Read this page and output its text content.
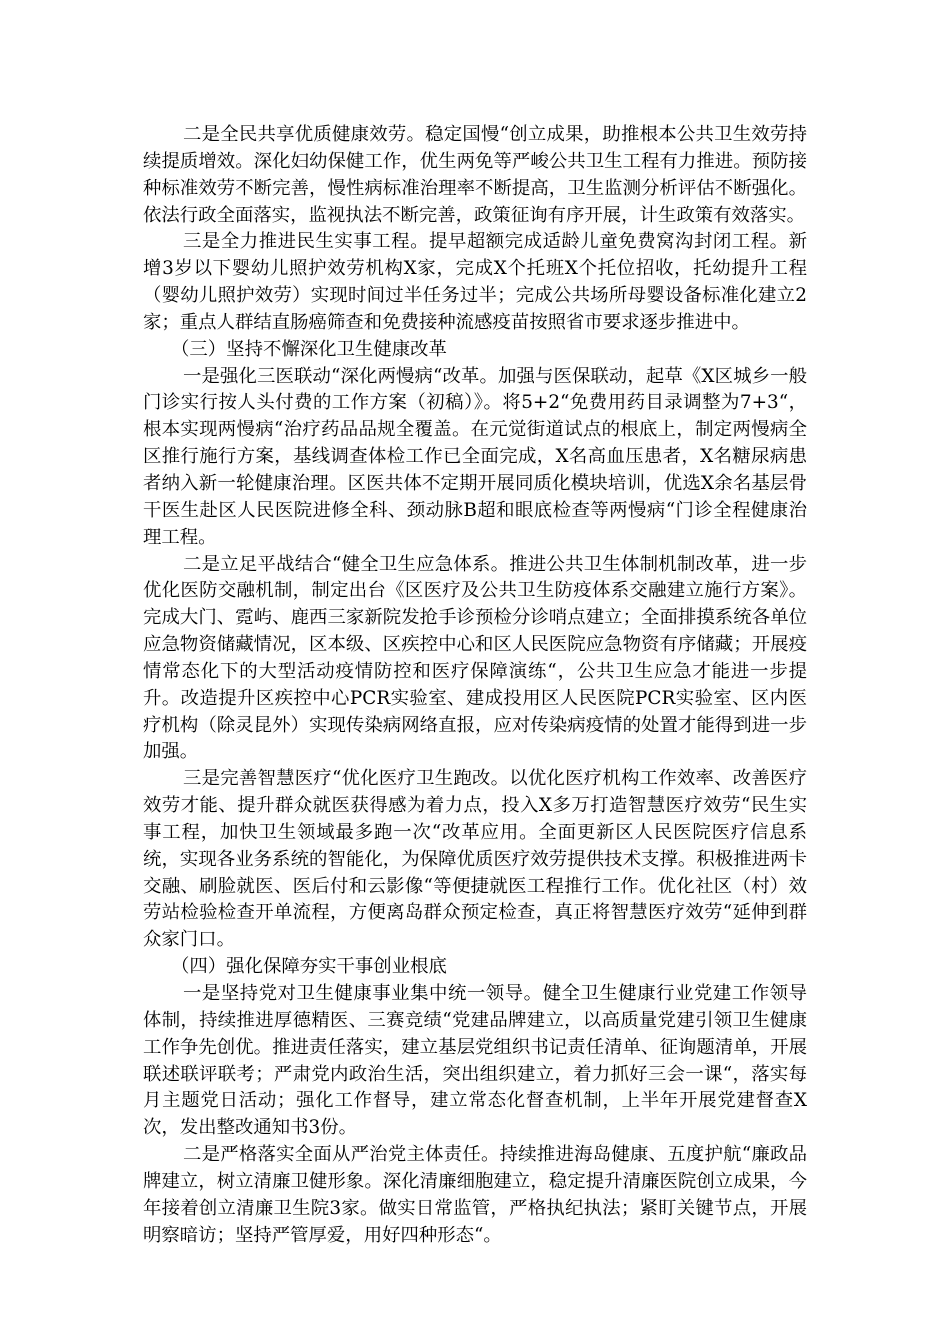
二是全民共享优质健康效劳。稳定国慢“创立成果，助推根本公共卫生效劳持续提质增效。深化妇幼保健工作，优生两免等严峻公共卫生工程有力推进。预防接种标准效劳不断完善，慢性病标准治理率不断提高，卫生监测分析评估不断强化。依法行政全面落实，监视执法不断完善，政策征询有序开展，计生政策有效落实。

三是全力推进民生实事工程。提早超额完成适龄儿童免费窝沟封闭工程。新增3岁以下婴幼儿照护效劳机构X家，完成X个托班X个托位招收，托幼提升工程（婴幼儿照护效劳）实现时间过半任务过半；完成公共场所母婴设备标准化建立2家；重点人群结直肠癌筛查和免费接种流感疫苗按照省市要求逐步推进中。

（三）坚持不懈深化卫生健康改革

一是强化三医联动“深化两慢病“改革。加强与医保联动，起草《X区城乡一般门诊实行按人头付费的工作方案（初稿）》。将5+2“免费用药目录调整为7+3“，根本实现两慢病“治疗药品品规全覆盖。在元觉街道试点的根底上，制定两慢病全区推行施行方案，基线调查体检工作已全面完成，X名高血压患者，X名糖尿病患者纳入新一轮健康治理。区医共体不定期开展同质化模块培训，优选X余名基层骨干医生赴区人民医院进修全科、颈动脉B超和眼底检查等两慢病“门诊全程健康治理工程。

二是立足平战结合“健全卫生应急体系。推进公共卫生体制机制改革，进一步优化医防交融机制，制定出台《区医疗及公共卫生防疫体系交融建立施行方案》。完成大门、霓屿、鹿西三家新院发抢手诊预检分诊哨点建立；全面排摸系统各单位应急物资储藏情况，区本级、区疾控中心和区人民医院应急物资有序储藏；开展疫情常态化下的大型活动疫情防控和医疗保障演练“，公共卫生应急才能进一步提升。改造提升区疾控中心PCR实验室、建成投用区人民医院PCR实验室、区内医疗机构（除灵昆外）实现传染病网络直报，应对传染病疫情的处置才能得到进一步加强。

三是完善智慧医疗“优化医疗卫生跑改。以优化医疗机构工作效率、改善医疗效劳才能、提升群众就医获得感为着力点，投入X多万打造智慧医疗效劳“民生实事工程，加快卫生领域最多跑一次“改革应用。全面更新区人民医院医疗信息系统，实现各业务系统的智能化，为保障优质医疗效劳提供技术支撑。积极推进两卡交融、刷脸就医、医后付和云影像“等便捷就医工程推行工作。优化社区（村）效劳站检验检查开单流程，方便离岛群众预定检查，真正将智慧医疗效劳“延伸到群众家门口。

（四）强化保障夯实干事创业根底

一是坚持党对卫生健康事业集中统一领导。健全卫生健康行业党建工作领导体制，持续推进厚德精医、三赛竞绩“党建品牌建立，以高质量党建引领卫生健康工作争先创优。推进责任落实，建立基层党组织书记责任清单、征询题清单，开展联述联评联考；严肃党内政治生活，突出组织建立，着力抓好三会一课“，落实每月主题党日活动；强化工作督导，建立常态化督查机制，上半年开展党建督查X次，发出整改通知书3份。

二是严格落实全面从严治党主体责任。持续推进海岛健康、五度护航“廉政品牌建立，树立清廉卫健形象。深化清廉细胞建立，稳定提升清廉医院创立成果，今年接着创立清廉卫生院3家。做实日常监管，严格执纪执法；紧盯关键节点，开展明察暗访；坚持严管厚爱，用好四种形态“。
